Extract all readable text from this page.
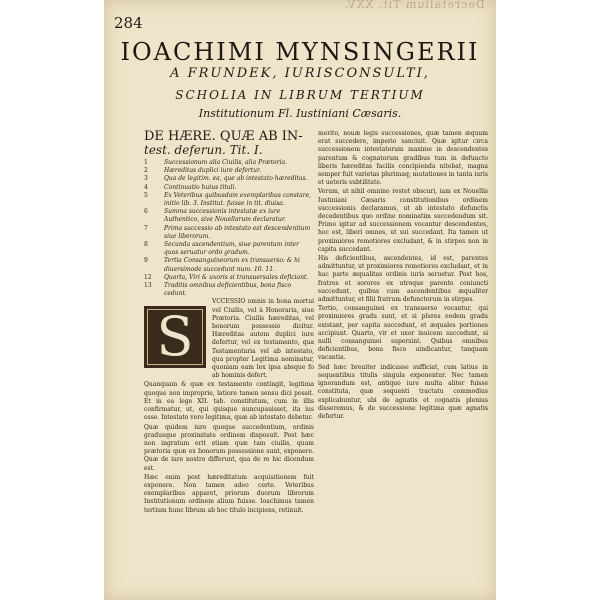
Decretalium Tit. XXV.
284
IOACHIMI MYNSINGERII
A FRUNDEK, IURISCONSULTI,
SCHOLIA IN LIBRUM TERTIUM
Institutionum Fl. Iustiniani Cæsaris.
DE HÆRE. QUÆ AB IN-
test. deferun. Tit. I.

1	Successionum alia Ciuilis, alia Prætoria.

2	Hæreditas duplici iure defertur.

3	Qua de legitim. ea, que ab intestato hæreditas.

4	Continuatio huius tituli.

5	Ex Veteribus quibusdam exemplaribus constare, initio lib. 3. Institut. fuisse in tit. diuisa.

6	Summa successionis intestatæ ex iure Authentico, sive Nouellarum declaratur.

7	Prima successio ab intestato est descendentium siue liberorum.

8	Secunda ascendentium, siue parentum inter quos seruatur ordo gradum.

9	Tertia Consanguineorum ex transuerso: & hi diuersimode succedunt num. 10. 11.

12 Quarta, Viri & uxoris si transuersales deficiant.

13 Traditis omnibus deficientibus, bona fisco cedunt.

S

VCCESSIO omnis in bona mortui vel Ciuilis, vel à Honoraria, siue Prætoria. Ciuilis hæreditas, vel bonorum possessio dicitur. Hæreditas autem duplici iure defertur, vel ex testamento, qua Testamentaria vel ab intestato, qua propter Legitima nominatur, quoniam eam lex ipsa absque fo ab hominis defert.

Quanquam & quæ ex testamento contingit, legitima quoque non improprie, latiore tamen sensu dici possit. Et in ea lege XII. tab. constitutum, cum in illis confirmatur, ut, qui quisque nuncupauisset, ita ius esse. Intestato vero legitima, quæ ab intestato debetur.

Quæ quidem iure quoque succedentium, ordinis gradusque proximitate ordinem disposuit. Post hæc non ingratum erit etiam quæ tam ciuilis, quam prætoria quæ ex bonorum possessione sunt, exponere. Quæ de iure nostro differunt, qua de re hic dicendum est.

Hæc enim post hæreditatum acquisitionem fuit exponere. Non tamen adeo certe. Veteribus exemplaribus apparet, priorum duorum librorum Institutionum ordinem alium fuisse. Ioachimus tamen tertium hunc librum ab hoc titulo incipiens, retinuit.

merito, nouæ legis successiones, quæ tamen æquum erat succedere, imperio sanciuit. Quæ igitur circa successionem intestatorum maxime in descendentes parentum & cognatorum gradibus tum in defuncto liberis hæreditas facilis concipienda nitebat, magna semper fuit varietas plurimaq; mutationes in tanta iuris et ueteris subtilitate.

Verum, ut nihil omnino restet obscuri, iam ex Nouellis Iustiniani Cæsaris constitutionibus ordinem successionis declaramus, ut ab intestato defunctis decedentibus quo ordine nominatim succedendum sit. Primo igitur ad successionem vocantur descendentes, hoc est, liberi omnes, ut sui succedant. Ita tamen ut proximiores remotiores excludant, & in stirpes non in capita succedant.

His deficientibus, ascendentes, id est, parentes admittuntur, ut proximiores remotiores excludant, et in hac parte æqualitas ordinis iuris seruetur. Post hos, fratres et sorores ex utroque parente coniuncti succedunt, quibus cum ascendentibus æqualiter admittuntur, et filii fratrum defunctorum in stirpes.

Tertio, consanguinei ex transuerso vocantur, qui proximiores gradu sunt, et si plures eodem gradu existant, per capita succedunt, et æquales portiones accipiunt. Quarto, vir et uxor inuicem succedunt, si nulli consanguinei supersint. Quibus omnibus deficientibus, bona fisco uindicantur, tanquam vacantia.

Sed hæc breuiter indicasse sufficiat, cum latius in sequentibus titulis singula exponentur. Nec tamen ignorandum est, antiquo iure multa aliter fuisse constituta, quæ sequenti tractatu commodius explicabuntur, ubi de agnatis et cognatis plenius disseremus, & de successione legitima quæ agnatis defertur.
